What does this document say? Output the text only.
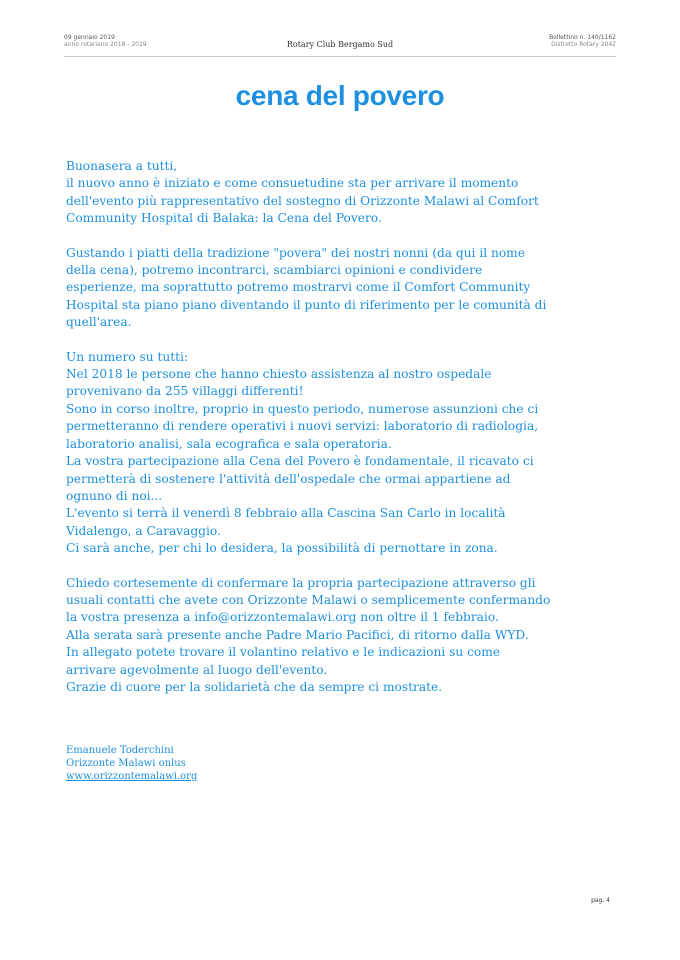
09 gennaio 2019
anno rotariano 2018 - 2019	Rotary Club Bergamo Sud
Bollettino n. 140/1162
Distretto Rotary 2042
cena del povero

Buonasera a tutti,
il nuovo anno è iniziato e come consuetudine sta per arrivare il momento
dell'evento più rappresentativo del sostegno di Orizzonte Malawi al Comfort
Community Hospital di Balaka: la Cena del Povero.

Gustando i piatti della tradizione "povera" dei nostri nonni (da qui il nome
della cena), potremo incontrarci, scambiarci opinioni e condividere
esperienze, ma soprattutto potremo mostrarvi come il Comfort Community
Hospital sta piano piano diventando il punto di riferimento per le comunità di
quell'area.

Un numero su tutti:
Nel 2018 le persone che hanno chiesto assistenza al nostro ospedale
provenivano da 255 villaggi differenti!
Sono in corso inoltre, proprio in questo periodo, numerose assunzioni che ci
permetteranno di rendere operativi i nuovi servizi: laboratorio di radiologia,
laboratorio analisi, sala ecografica e sala operatoria.
La vostra partecipazione alla Cena del Povero è fondamentale, il ricavato ci
permetterà di sostenere l'attività dell'ospedale che ormai appartiene ad
ognuno di noi...
L'evento si terrà il venerdì 8 febbraio alla Cascina San Carlo in località
Vidalengo, a Caravaggio.
Ci sarà anche, per chi lo desidera, la possibilità di pernottare in zona.

Chiedo cortesemente di confermare la propria partecipazione attraverso gli
usuali contatti che avete con Orizzonte Malawi o semplicemente confermando
la vostra presenza a info@orizzontemalawi.org non oltre il 1 febbraio.
Alla serata sarà presente anche Padre Mario Pacifici, di ritorno dalla WYD.
In allegato potete trovare il volantino relativo e le indicazioni su come
arrivare agevolmente al luogo dell'evento.
Grazie di cuore per la solidarietà che da sempre ci mostrate.

Emanuele Toderchini
Orizzonte Malawi onlus
www.orizzontemalawi.org
pag. 4
